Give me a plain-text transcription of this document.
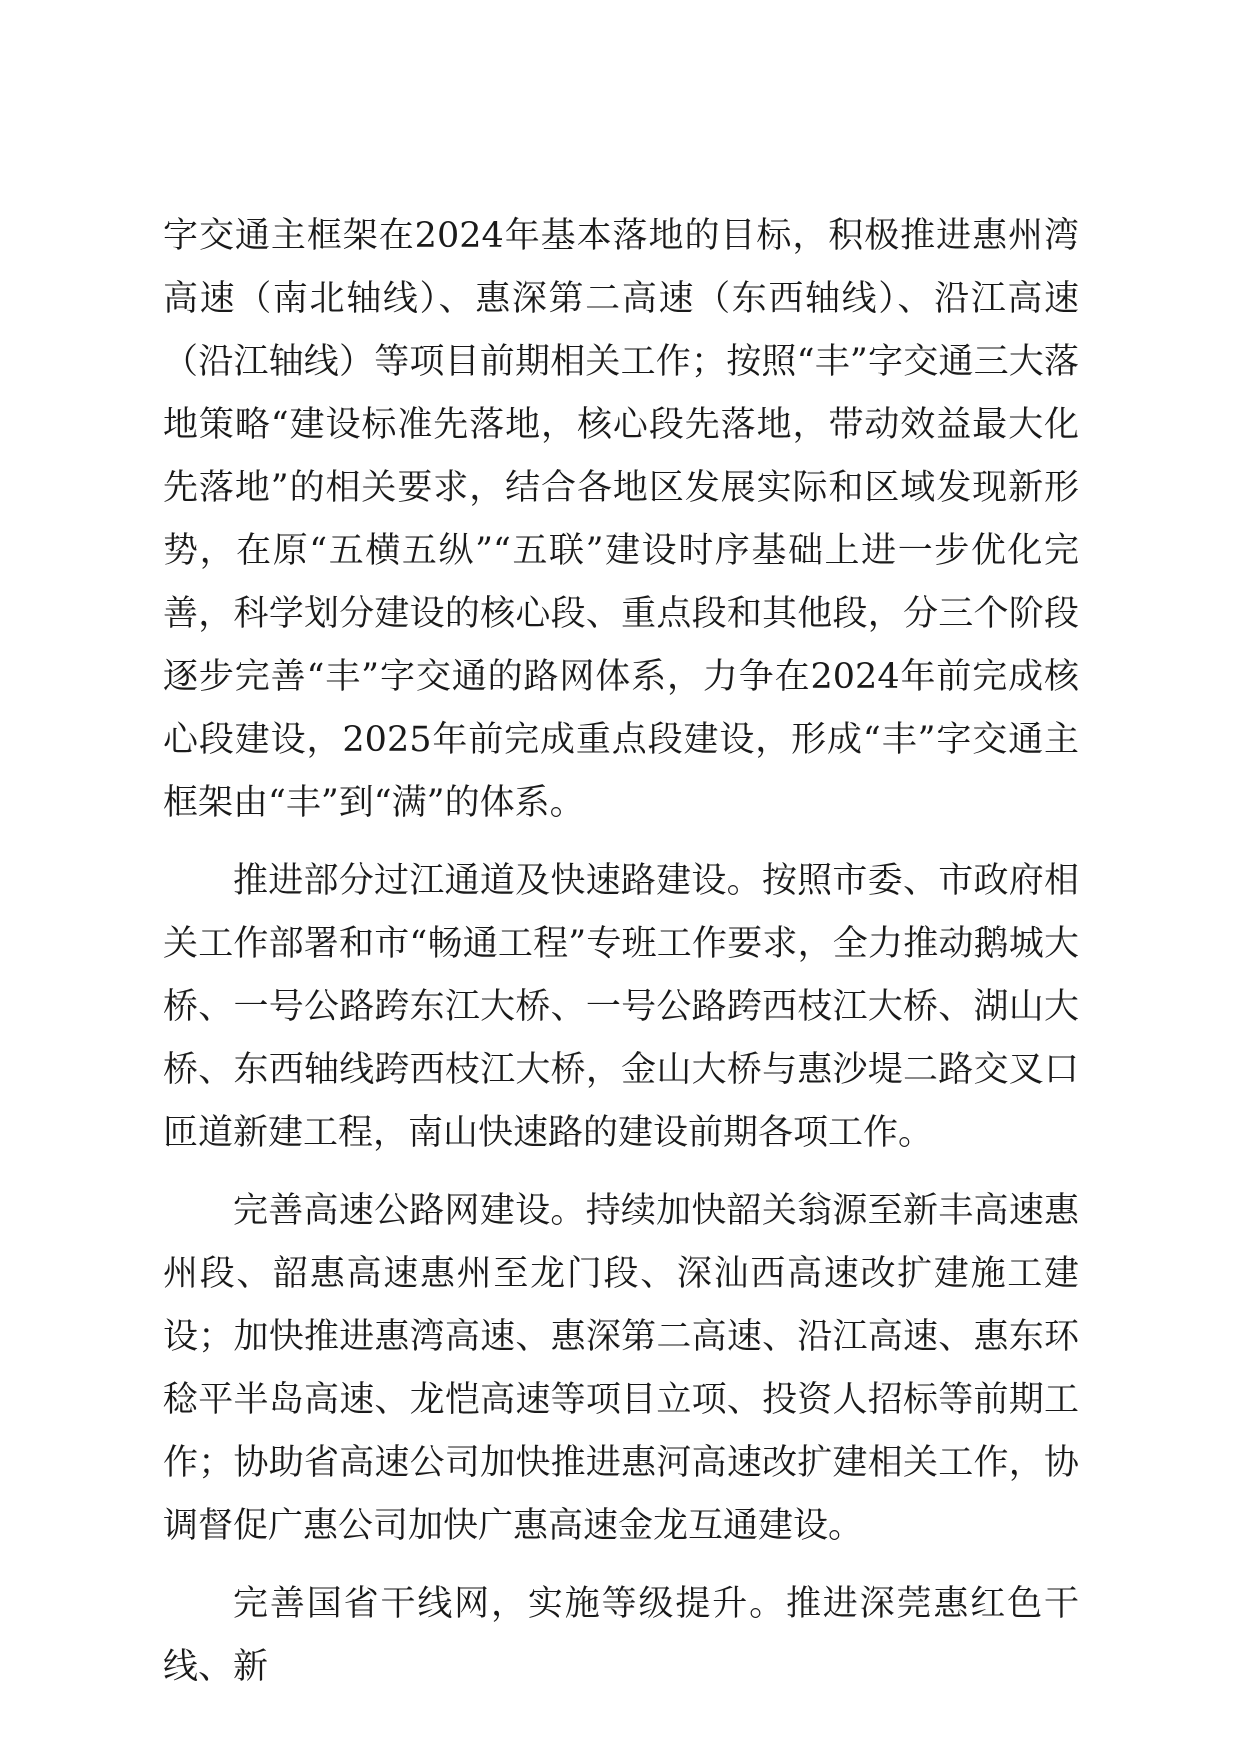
字交通主框架在2024年基本落地的目标，积极推进惠州湾高速（南北轴线）、惠深第二高速（东西轴线）、沿江高速（沿江轴线）等项目前期相关工作；按照“丰”字交通三大落地策略“建设标准先落地，核心段先落地，带动效益最大化先落地”的相关要求，结合各地区发展实际和区域发现新形势，在原“五横五纵”“五联”建设时序基础上进一步优化完善，科学划分建设的核心段、重点段和其他段，分三个阶段逐步完善“丰”字交通的路网体系，力争在2024年前完成核心段建设，2025年前完成重点段建设，形成“丰”字交通主框架由“丰”到“满”的体系。

推进部分过江通道及快速路建设。按照市委、市政府相关工作部署和市“畅通工程”专班工作要求，全力推动鹅城大桥、一号公路跨东江大桥、一号公路跨西枝江大桥、湖山大桥、东西轴线跨西枝江大桥，金山大桥与惠沙堤二路交叉口匝道新建工程，南山快速路的建设前期各项工作。

完善高速公路网建设。持续加快韶关翁源至新丰高速惠州段、韶惠高速惠州至龙门段、深汕西高速改扩建施工建设；加快推进惠湾高速、惠深第二高速、沿江高速、惠东环稔平半岛高速、龙恺高速等项目立项、投资人招标等前期工作；协助省高速公司加快推进惠河高速改扩建相关工作，协调督促广惠公司加快广惠高速金龙互通建设。

完善国省干线网，实施等级提升。推进深莞惠红色干线、新
